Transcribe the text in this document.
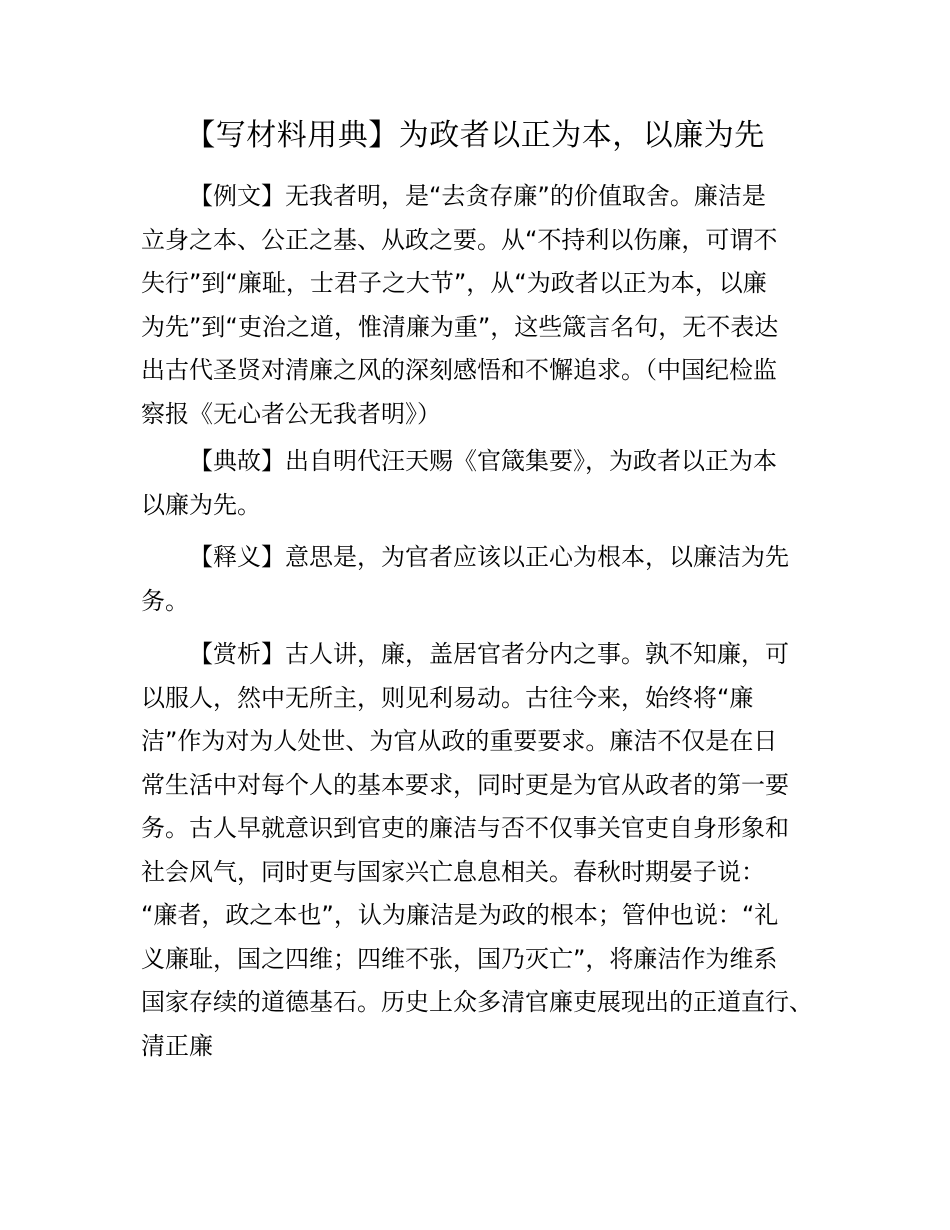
【写材料用典】为政者以正为本，以廉为先
【例文】无我者明，是“去贪存廉”的价值取舍。廉洁是
立身之本、公正之基、从政之要。从“不持利以伤廉，可谓不
失行”到“廉耻，士君子之大节”，从“为政者以正为本，以廉
为先”到“吏治之道，惟清廉为重”，这些箴言名句，无不表达
出古代圣贤对清廉之风的深刻感悟和不懈追求。（中国纪检监
察报《无心者公无我者明》）
【典故】出自明代汪天赐《官箴集要》，为政者以正为本
以廉为先。
【释义】意思是，为官者应该以正心为根本，以廉洁为先
务。
【赏析】古人讲，廉，盖居官者分内之事。孰不知廉，可
以服人，然中无所主，则见利易动。古往今来，始终将“廉
洁”作为对为人处世、为官从政的重要要求。廉洁不仅是在日
常生活中对每个人的基本要求，同时更是为官从政者的第一要
务。古人早就意识到官吏的廉洁与否不仅事关官吏自身形象和
社会风气，同时更与国家兴亡息息相关。春秋时期晏子说：
“廉者，政之本也”，认为廉洁是为政的根本；管仲也说：“礼
义廉耻，国之四维；四维不张，国乃灭亡”，将廉洁作为维系
国家存续的道德基石。历史上众多清官廉吏展现出的正道直行、
清正廉
